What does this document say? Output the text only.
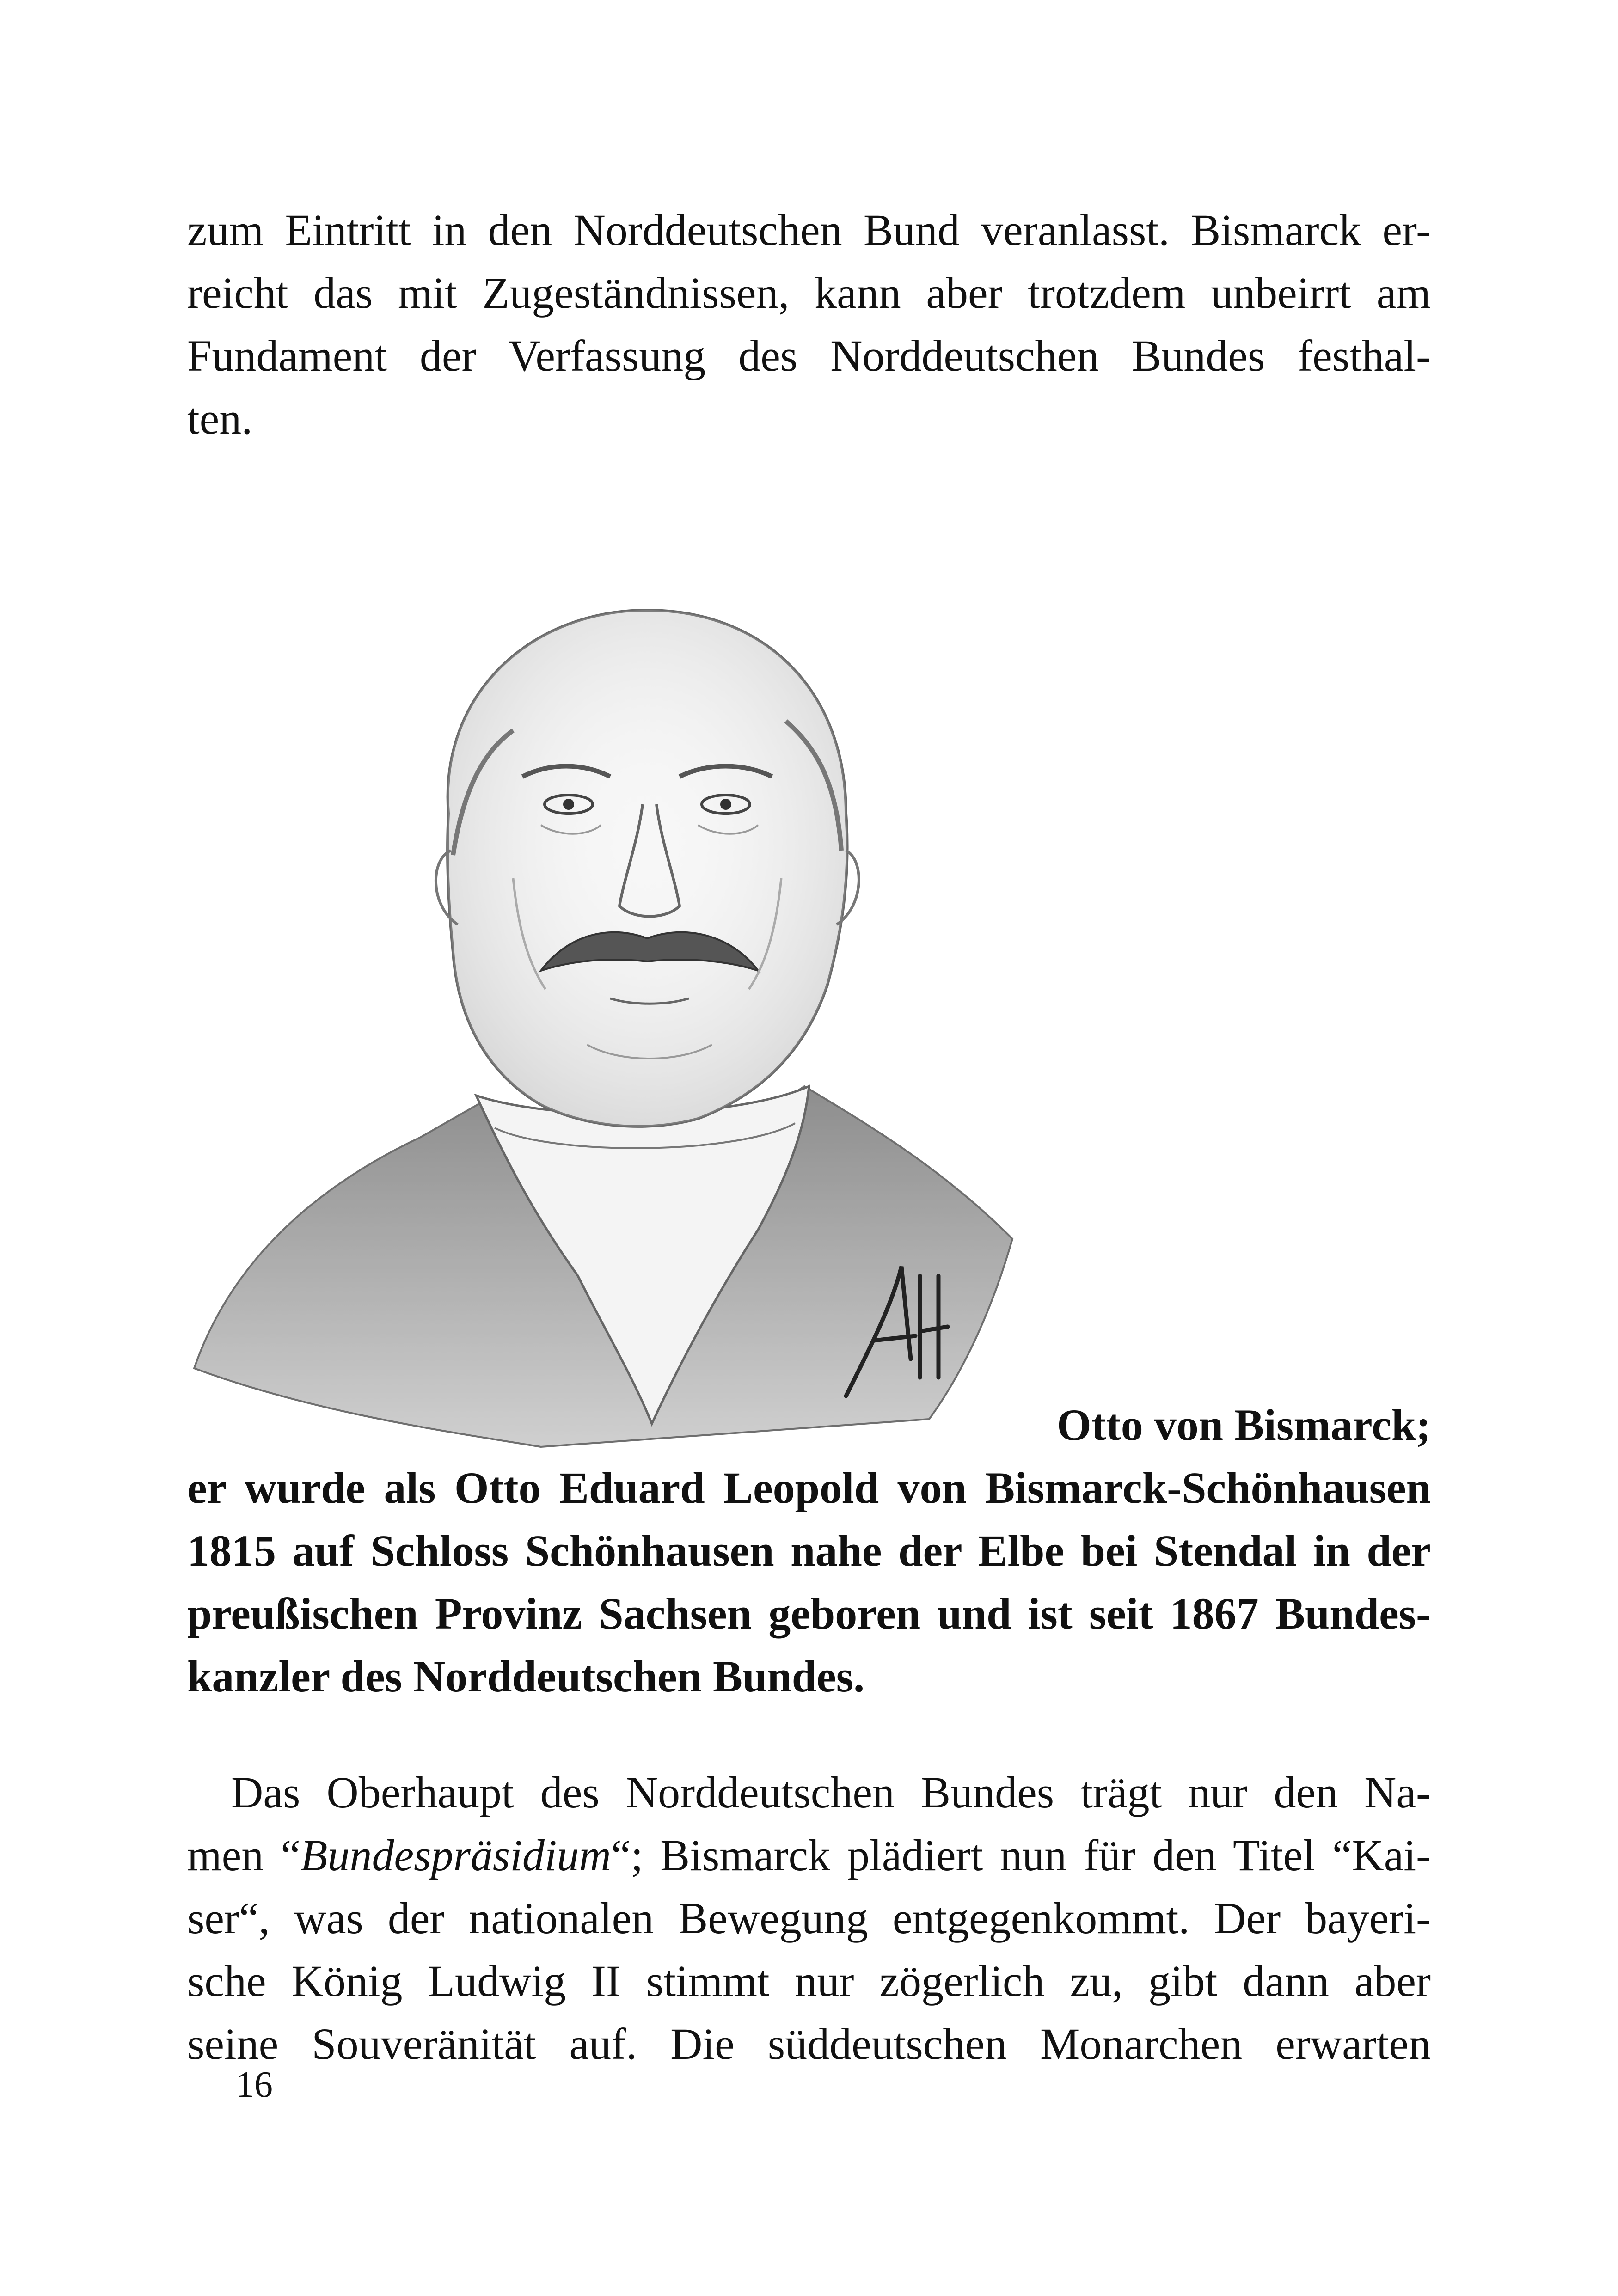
zum Eintritt in den Norddeutschen Bund veranlasst. Bismarck er-
reicht das mit Zugeständnissen, kann aber trotzdem unbeirrt am
Fundament der Verfassung des Norddeutschen Bundes festhal-
ten.
Otto von Bismarck;
er wurde als Otto Eduard Leopold von Bismarck-Schönhausen
1815 auf Schloss Schönhausen nahe der Elbe bei Stendal in der
preußischen Provinz Sachsen geboren und ist seit 1867 Bundes-
kanzler des Norddeutschen Bundes.
Das Oberhaupt des Norddeutschen Bundes trägt nur den Na-
men “Bundespräsidium“; Bismarck plädiert nun für den Titel “Kai-
ser“, was der nationalen Bewegung entgegenkommt. Der bayeri-
sche König Ludwig II stimmt nur zögerlich zu, gibt dann aber
seine Souveränität auf. Die süddeutschen Monarchen erwarten
16
